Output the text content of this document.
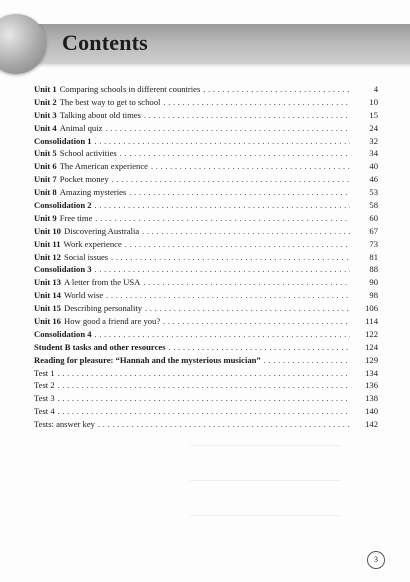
Contents
Unit 1 Comparing schools in different countries . . .	4
Unit 2 The best way to get to school . . .	10
Unit 3 Talking about old times . . .	15
Unit 4 Animal quiz . . .	24
Consolidation 1 . . .	32
Unit 5 School activities . . .	34
Unit 6 The American experience . . .	40
Unit 7 Pocket money . . .	46
Unit 8 Amazing mysteries . . .	53
Consolidation 2 . . .	58
Unit 9 Free time . . .	60
Unit 10 Discovering Australia . . .	67
Unit 11 Work experience . . .	73
Unit 12 Social issues . . .	81
Consolidation 3 . . .	88
Unit 13 A letter from the USA . . .	90
Unit 14 World wise . . .	98
Unit 15 Describing personality . . .	106
Unit 16 How good a friend are you? . . .	114
Consolidation 4 . . .	122
Student B tasks and other resources . . .	124
Reading for pleasure: “Hannah and the mysterious musician” . . .	129
Test 1 . . .	134
Test 2 . . .	136
Test 3 . . .	138
Test 4 . . .	140
Tests: answer key . . .	142
3
